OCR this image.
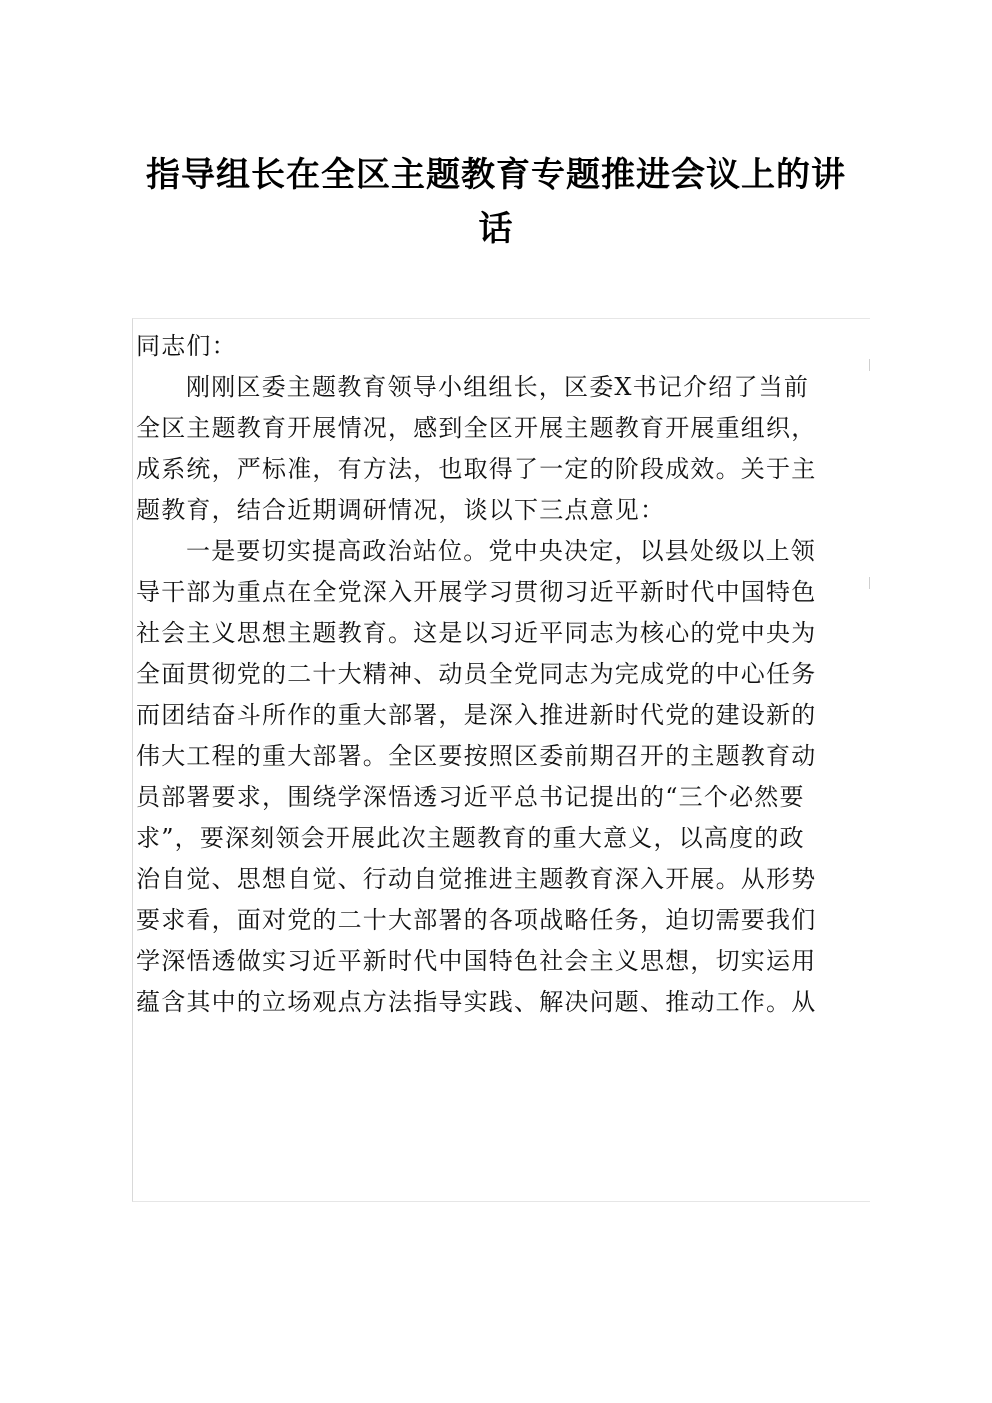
指导组长在全区主题教育专题推进会议上的讲
话
同志们：
刚刚区委主题教育领导小组组长，区委X书记介绍了当前
全区主题教育开展情况，感到全区开展主题教育开展重组织，
成系统，严标准，有方法，也取得了一定的阶段成效。关于主
题教育，结合近期调研情况，谈以下三点意见：
一是要切实提高政治站位。党中央决定，以县处级以上领
导干部为重点在全党深入开展学习贯彻习近平新时代中国特色
社会主义思想主题教育。这是以习近平同志为核心的党中央为
全面贯彻党的二十大精神、动员全党同志为完成党的中心任务
而团结奋斗所作的重大部署，是深入推进新时代党的建设新的
伟大工程的重大部署。全区要按照区委前期召开的主题教育动
员部署要求，围绕学深悟透习近平总书记提出的“三个必然要
求”，要深刻领会开展此次主题教育的重大意义，以高度的政
治自觉、思想自觉、行动自觉推进主题教育深入开展。从形势
要求看，面对党的二十大部署的各项战略任务，迫切需要我们
学深悟透做实习近平新时代中国特色社会主义思想，切实运用
蕴含其中的立场观点方法指导实践、解决问题、推动工作。从
